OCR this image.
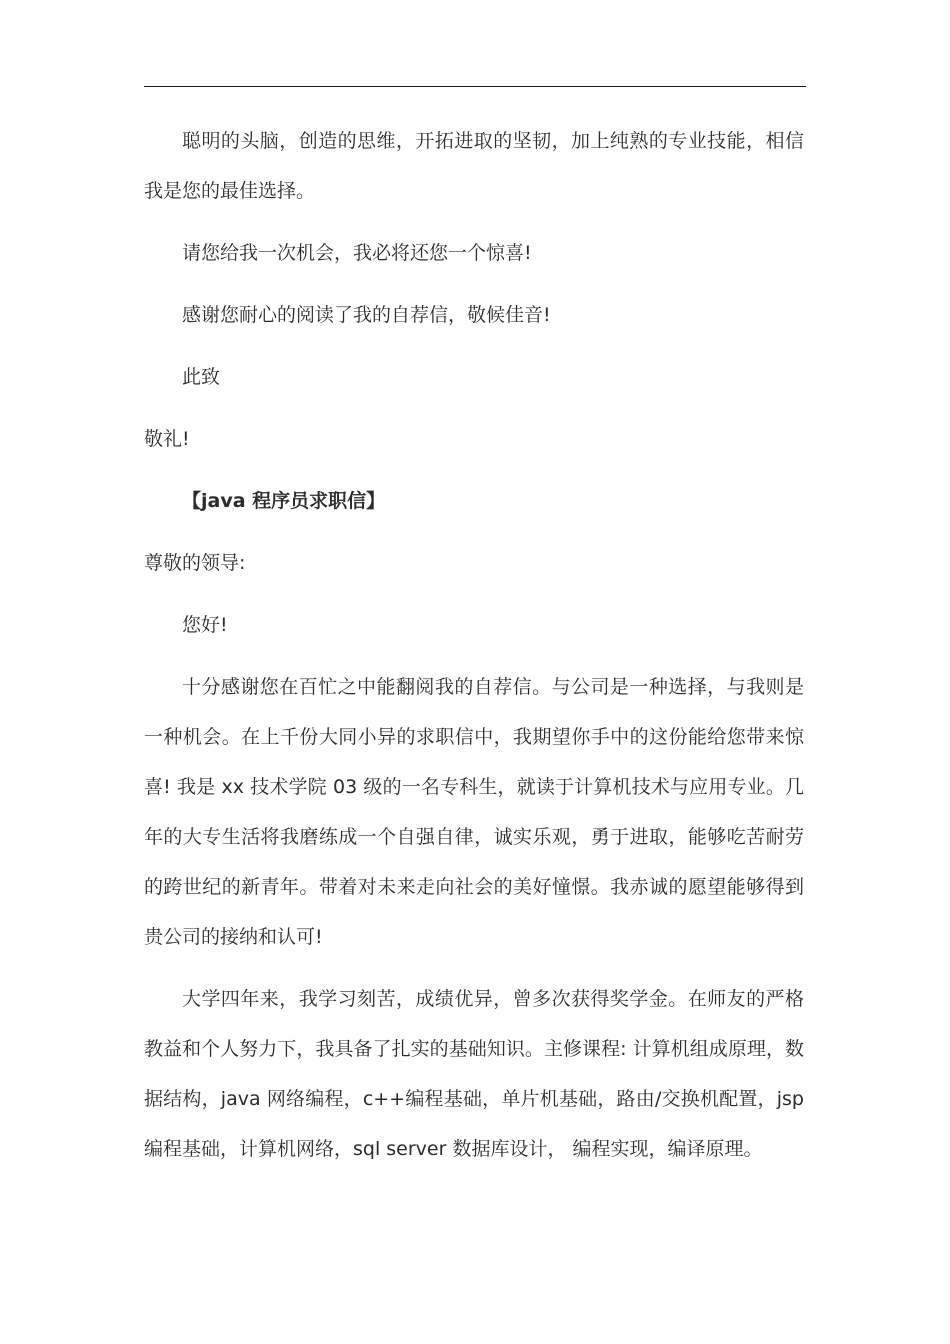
聪明的头脑，创造的思维，开拓进取的坚韧，加上纯熟的专业技能，相信我是您的最佳选择。

请您给我一次机会，我必将还您一个惊喜!

感谢您耐心的阅读了我的自荐信，敬候佳音!

此致

敬礼!

【java 程序员求职信】

尊敬的领导:

您好!

十分感谢您在百忙之中能翻阅我的自荐信。与公司是一种选择，与我则是一种机会。在上千份大同小异的求职信中，我期望你手中的这份能给您带来惊喜! 我是 xx 技术学院 03 级的一名专科生，就读于计算机技术与应用专业。几年的大专生活将我磨练成一个自强自律，诚实乐观，勇于进取，能够吃苦耐劳的跨世纪的新青年。带着对未来走向社会的美好憧憬。我赤诚的愿望能够得到贵公司的接纳和认可!

大学四年来，我学习刻苦，成绩优异，曾多次获得奖学金。在师友的严格教益和个人努力下，我具备了扎实的基础知识。主修课程: 计算机组成原理，数据结构，java 网络编程，c++编程基础，单片机基础，路由/交换机配置，jsp 编程基础，计算机网络，sql server 数据库设计， 编程实现，编译原理。
